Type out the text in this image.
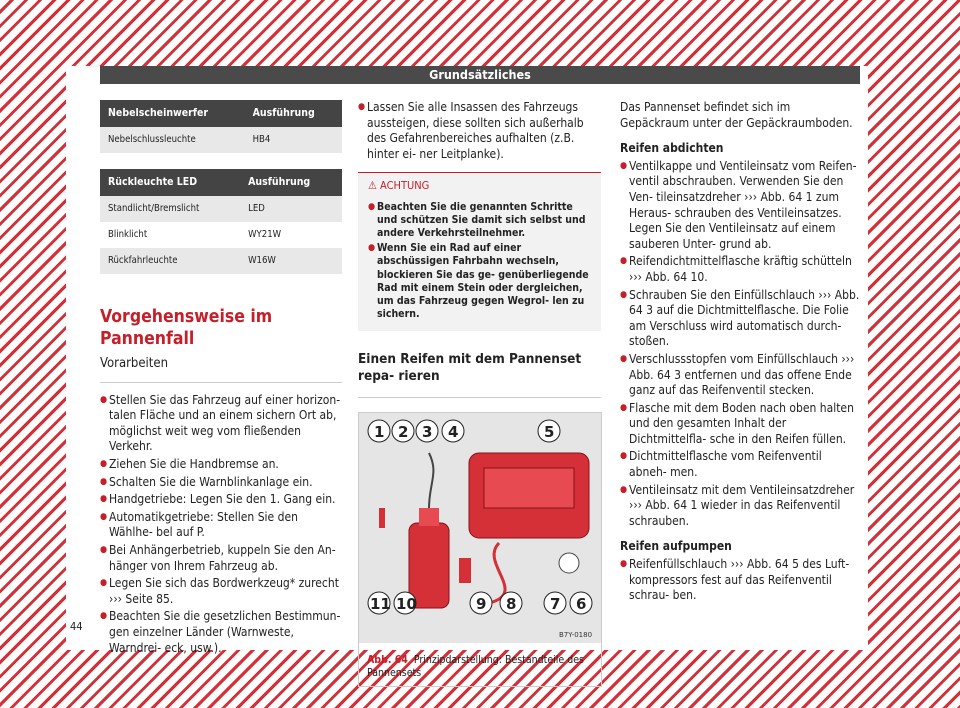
Grundsätzliches
Nebelscheinwerfer	Ausführung
Nebelschlussleuchte	HB4
Rückleuchte LED	Ausführung
Standlicht/Bremslicht	LED
Blinklicht	WY21W
Rückfahrleuchte	W16W
Vorgehensweise im Pannenfall
Vorarbeiten
● Stellen Sie das Fahrzeug auf einer horizon- talen Fläche und an einem sichern Ort ab, möglichst weit weg vom fließenden Verkehr.
● Ziehen Sie die Handbremse an.
● Schalten Sie die Warnblinkanlage ein.
● Handgetriebe: Legen Sie den 1. Gang ein.
● Automatikgetriebe: Stellen Sie den Wählhe- bel auf P.
● Bei Anhängerbetrieb, kuppeln Sie den An- hänger von Ihrem Fahrzeug ab.
● Legen Sie sich das Bordwerkzeug* zurecht ››› Seite 85.
● Beachten Sie die gesetzlichen Bestimmun- gen einzelner Länder (Warnweste, Warndrei- eck, usw.).
● Lassen Sie alle Insassen des Fahrzeugs aussteigen, diese sollten sich außerhalb des Gefahrenbereiches aufhalten (z.B. hinter ei- ner Leitplanke).
⚠ ACHTUNG
● Beachten Sie die genannten Schritte und schützen Sie damit sich selbst und andere Verkehrsteilnehmer.
● Wenn Sie ein Rad auf einer abschüssigen Fahrbahn wechseln, blockieren Sie das ge- genüberliegende Rad mit einem Stein oder dergleichen, um das Fahrzeug gegen Wegrol- len zu sichern.
Einen Reifen mit dem Pannenset repa- rieren
1 2 3 4	5
11 10	9 8 7 6
B7Y-0180
Abb. 64 Prinzipdarstellung: Bestandteile des Pannensets

Das Pannenset befindet sich im Gepäckraum unter der Gepäckraumboden.

Reifen abdichten

● Ventilkappe und Ventileinsatz vom Reifen- ventil abschrauben. Verwenden Sie den Ven- tileinsatzdreher ››› Abb. 64 1 zum Heraus- schrauben des Ventileinsatzes. Legen Sie den Ventileinsatz auf einem sauberen Unter- grund ab.
● Reifendichtmittelflasche kräftig schütteln ››› Abb. 64 10.
● Schrauben Sie den Einfüllschlauch ››› Abb. 64 3 auf die Dichtmittelflasche. Die Folie am Verschluss wird automatisch durch- stoßen.
● Verschlussstopfen vom Einfüllschlauch ››› Abb. 64 3 entfernen und das offene Ende ganz auf das Reifenventil stecken.
● Flasche mit dem Boden nach oben halten und den gesamten Inhalt der Dichtmittelfla- sche in den Reifen füllen.
● Dichtmittelflasche vom Reifenventil abneh- men.
● Ventileinsatz mit dem Ventileinsatzdreher ››› Abb. 64 1 wieder in das Reifenventil schrauben.

Reifen aufpumpen

● Reifenfüllschlauch ››› Abb. 64 5 des Luft- kompressors fest auf das Reifenventil schrau- ben.
44
